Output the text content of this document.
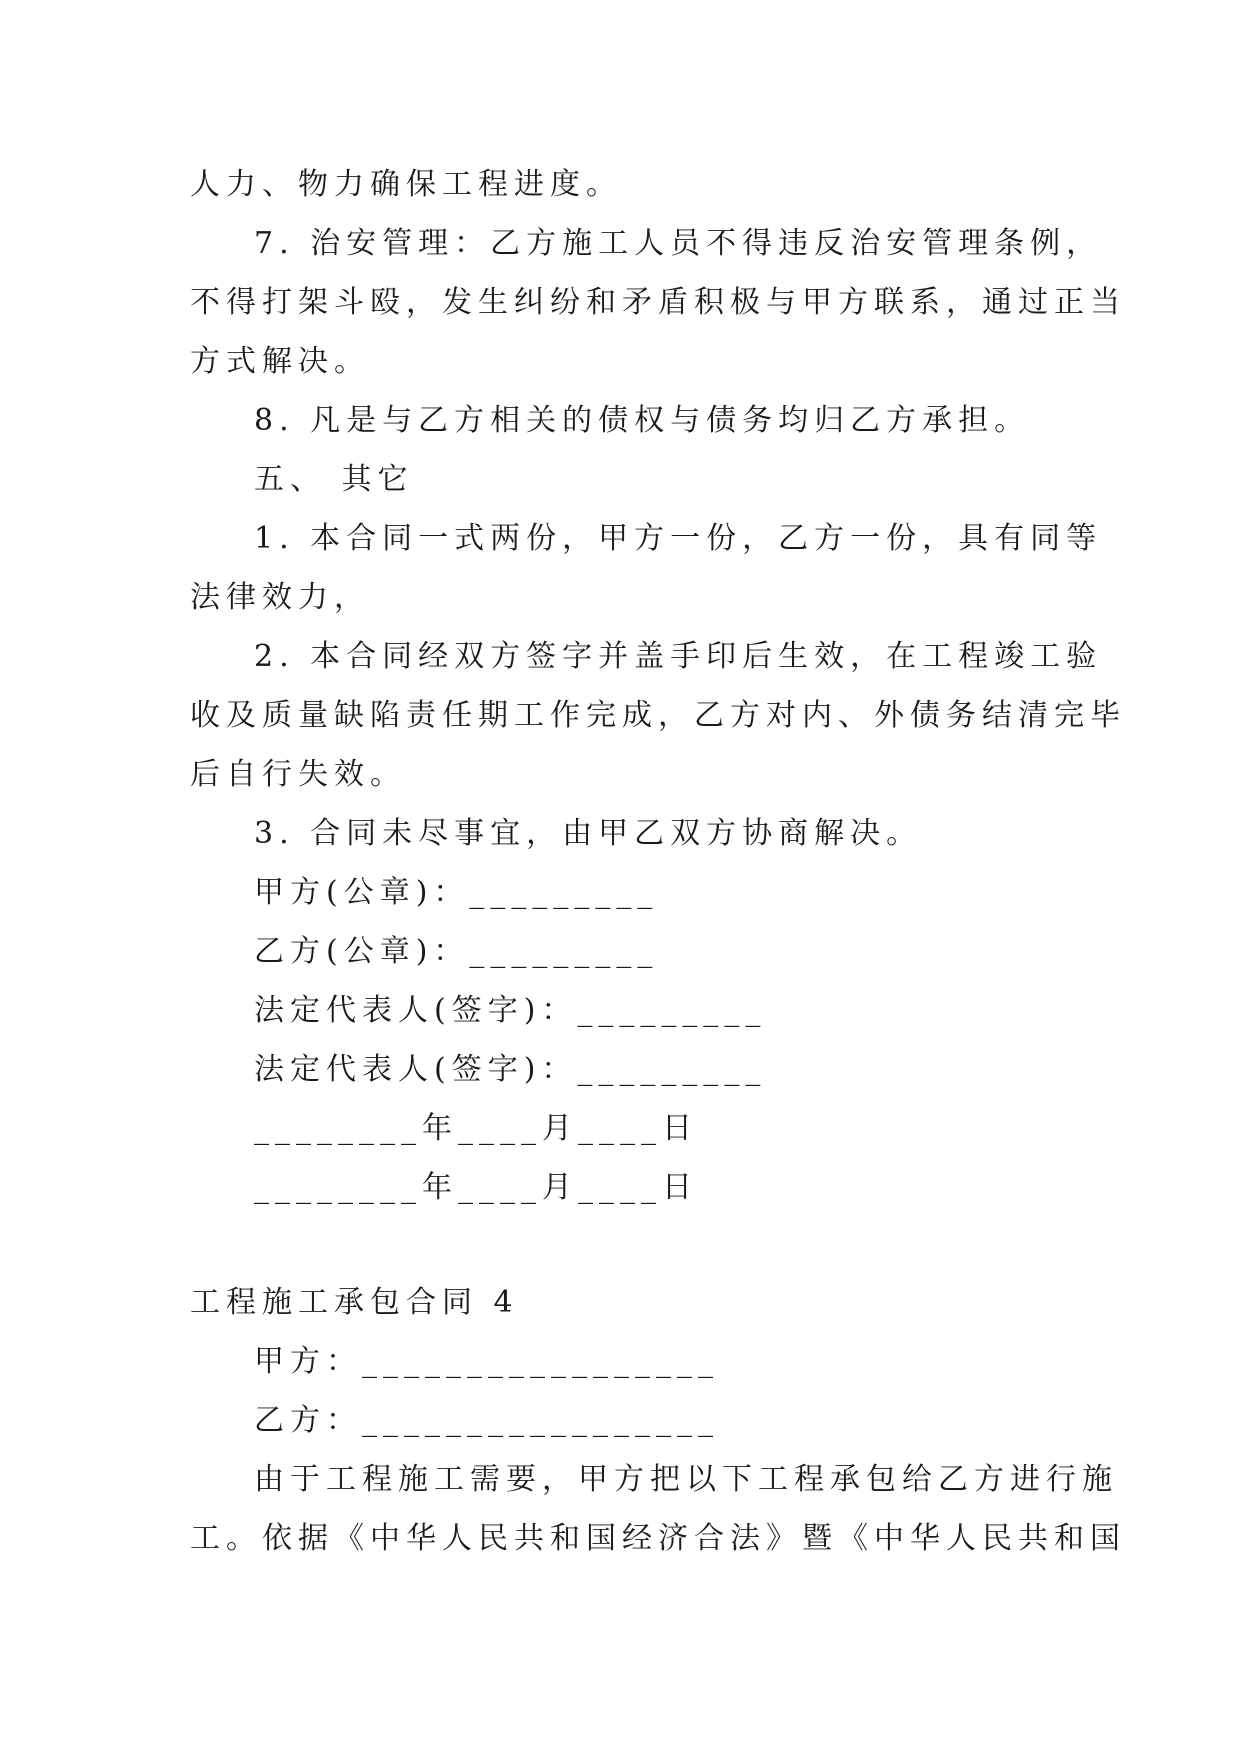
人力、物力确保工程进度。
7. 治安管理：乙方施工人员不得违反治安管理条例，
不得打架斗殴，发生纠纷和矛盾积极与甲方联系，通过正当
方式解决。
8. 凡是与乙方相关的债权与债务均归乙方承担。
五、 其它
1. 本合同一式两份，甲方一份，乙方一份，具有同等
法律效力，
2. 本合同经双方签字并盖手印后生效，在工程竣工验
收及质量缺陷责任期工作完成，乙方对内、外债务结清完毕
后自行失效。
3. 合同未尽事宜，由甲乙双方协商解决。
甲方(公章)：_________
乙方(公章)：_________
法定代表人(签字)：_________
法定代表人(签字)：_________
________年____月____日
________年____月____日
工程施工承包合同 4
甲方：_________________
乙方：_________________
由于工程施工需要，甲方把以下工程承包给乙方进行施
工。依据《中华人民共和国经济合法》暨《中华人民共和国
